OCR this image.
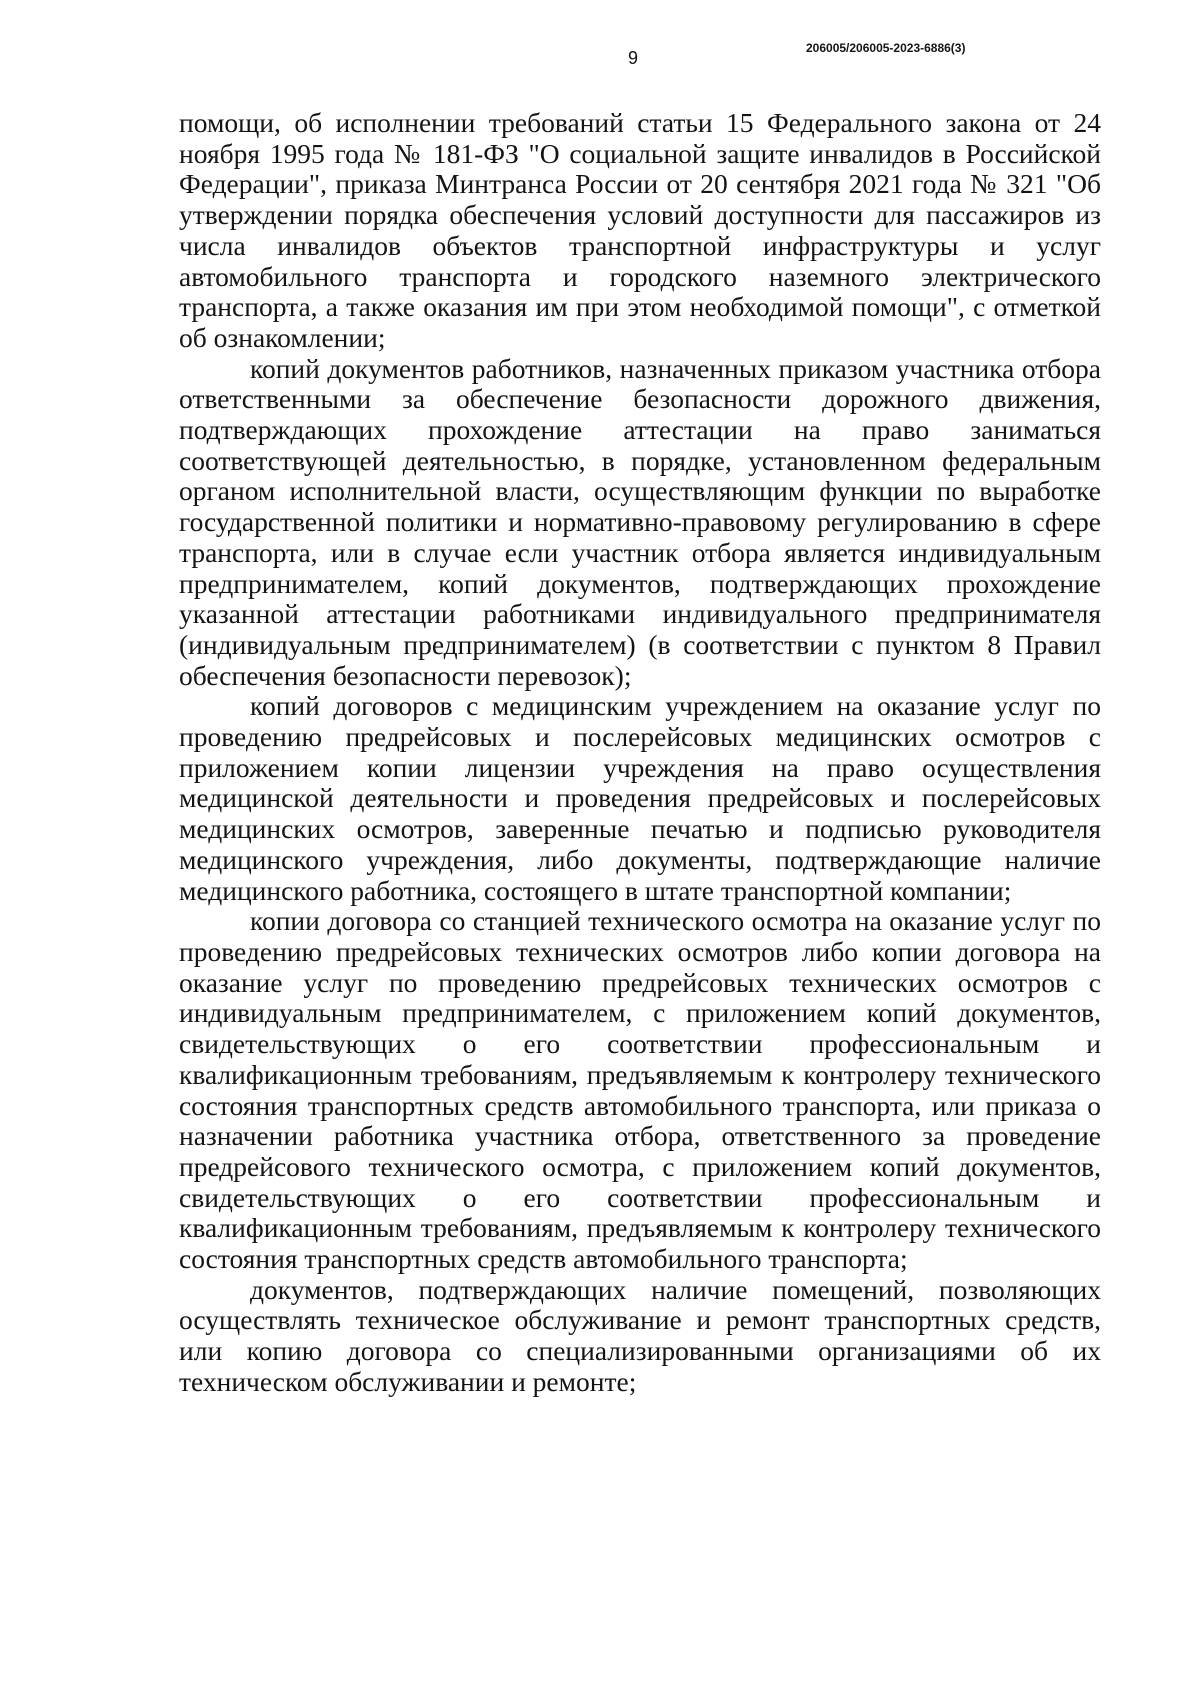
9	206005/206005-2023-6886(3)

помощи, об исполнении требований статьи 15 Федерального закона от 24 ноября 1995 года № 181-ФЗ "О социальной защите инвалидов в Российской Федерации", приказа Минтранса России от 20 сентября 2021 года № 321 "Об утверждении порядка обеспечения условий доступности для пассажиров из числа инвалидов объектов транспортной инфраструктуры и услуг автомобильного транспорта и городского наземного электрического транспорта, а также оказания им при этом необходимой помощи", с отметкой об ознакомлении;

копий документов работников, назначенных приказом участника отбора ответственными за обеспечение безопасности дорожного движения, подтверждающих прохождение аттестации на право заниматься соответствующей деятельностью, в порядке, установленном федеральным органом исполнительной власти, осуществляющим функции по выработке государственной политики и нормативно-правовому регулированию в сфере транспорта, или в случае если участник отбора является индивидуальным предпринимателем, копий документов, подтверждающих прохождение указанной аттестации работниками индивидуального предпринимателя (индивидуальным предпринимателем) (в соответствии с пунктом 8 Правил обеспечения безопасности перевозок);

копий договоров с медицинским учреждением на оказание услуг по проведению предрейсовых и послерейсовых медицинских осмотров с приложением копии лицензии учреждения на право осуществления медицинской деятельности и проведения предрейсовых и послерейсовых медицинских осмотров, заверенные печатью и подписью руководителя медицинского учреждения, либо документы, подтверждающие наличие медицинского работника, состоящего в штате транспортной компании;

копии договора со станцией технического осмотра на оказание услуг по проведению предрейсовых технических осмотров либо копии договора на оказание услуг по проведению предрейсовых технических осмотров с индивидуальным предпринимателем, с приложением копий документов, свидетельствующих о его соответствии профессиональным и квалификационным требованиям, предъявляемым к контролеру технического состояния транспортных средств автомобильного транспорта, или приказа о назначении работника участника отбора, ответственного за проведение предрейсового технического осмотра, с приложением копий документов, свидетельствующих о его соответствии профессиональным и квалификационным требованиям, предъявляемым к контролеру технического состояния транспортных средств автомобильного транспорта;

документов, подтверждающих наличие помещений, позволяющих осуществлять техническое обслуживание и ремонт транспортных средств, или копию договора со специализированными организациями об их техническом обслуживании и ремонте;
